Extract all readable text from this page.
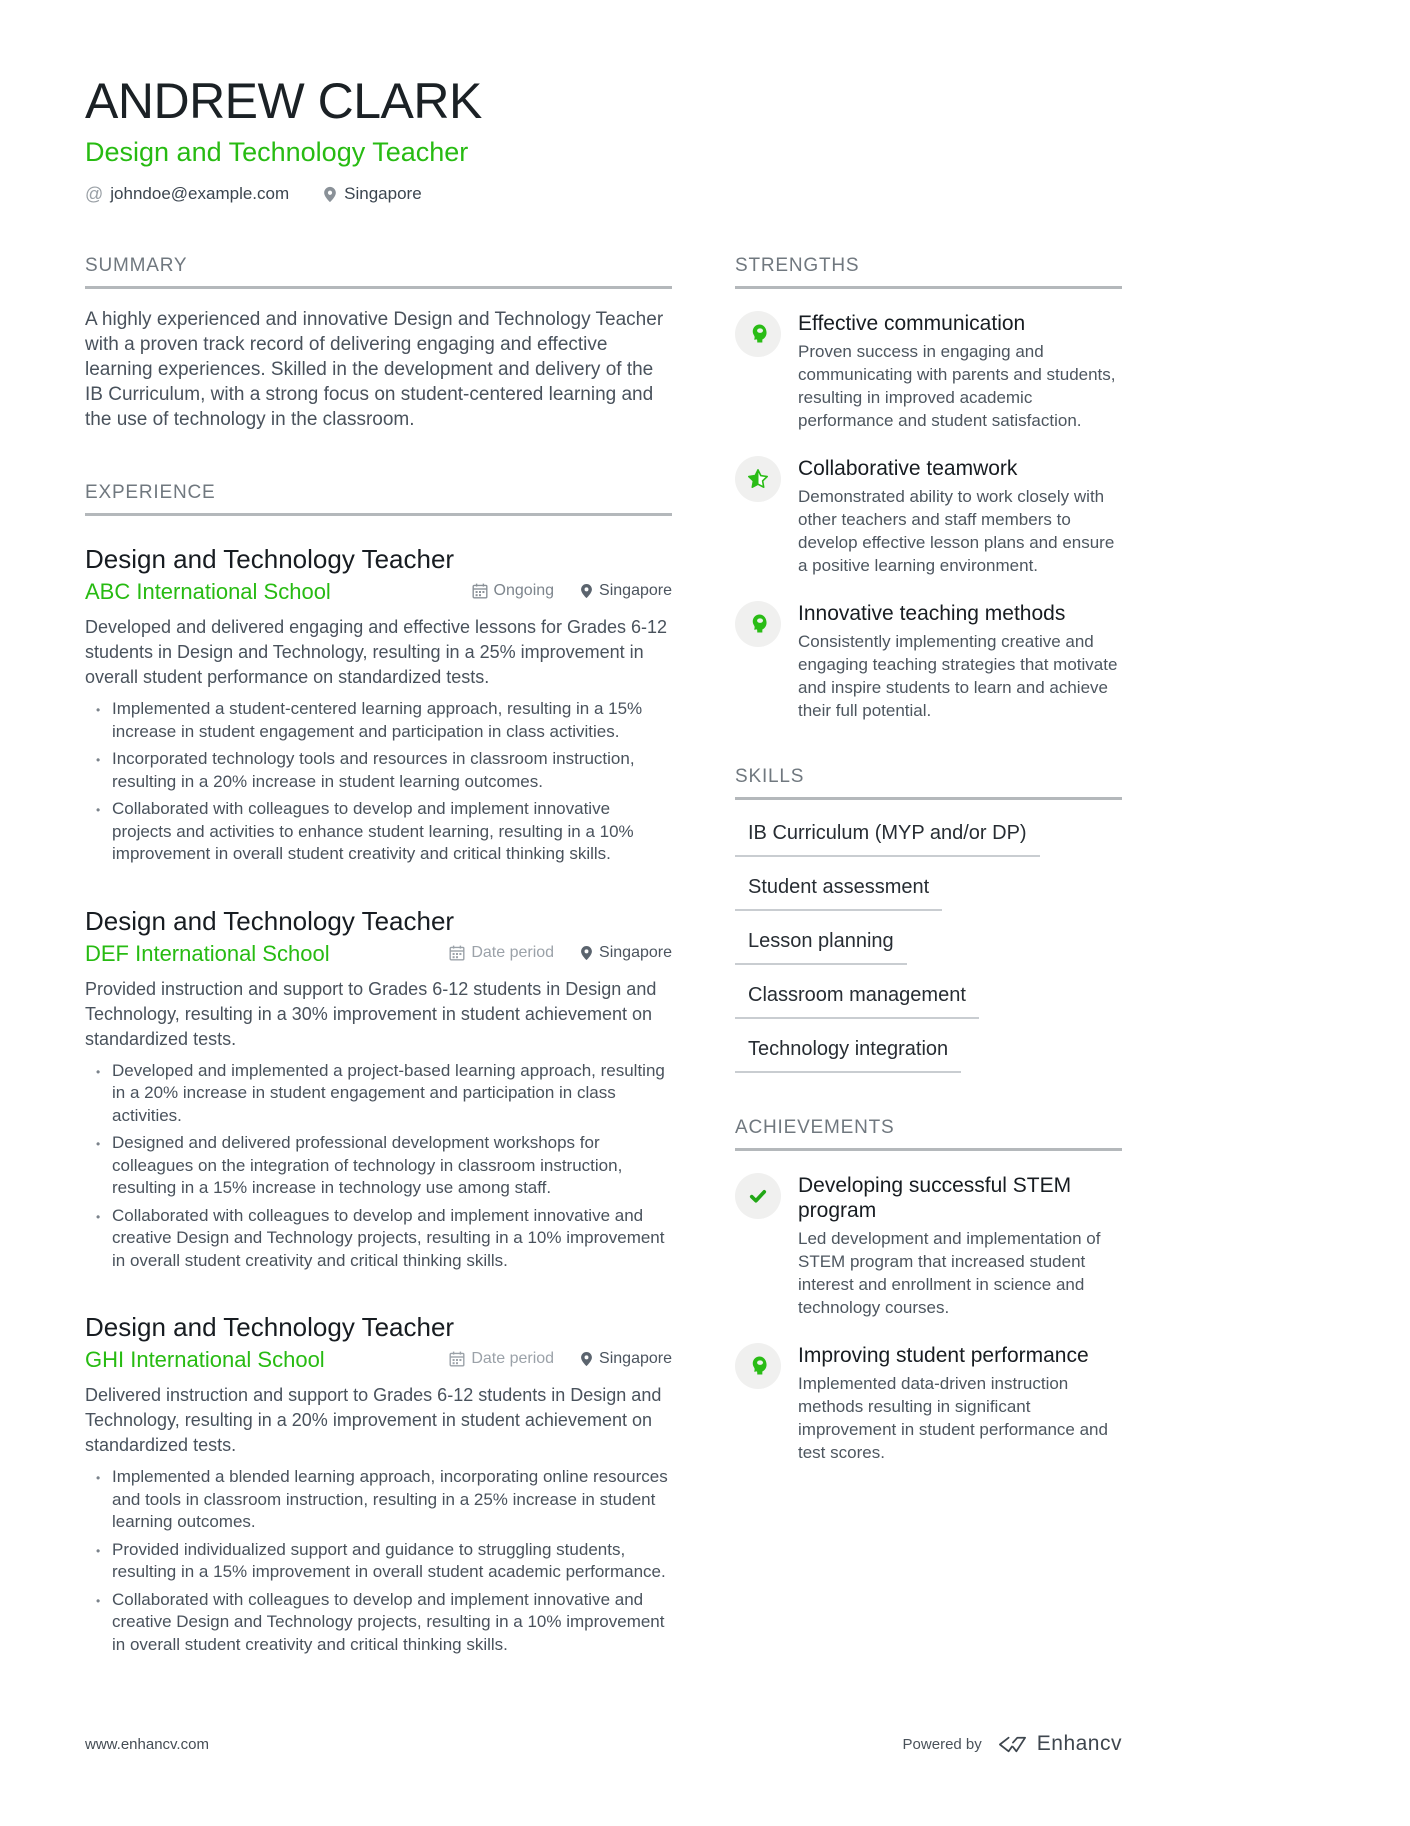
ANDREW CLARK
Design and Technology Teacher
@ johndoe@example.com	Singapore
SUMMARY

A highly experienced and innovative Design and Technology Teacher with a proven track record of delivering engaging and effective learning experiences. Skilled in the development and delivery of the IB Curriculum, with a strong focus on student-centered learning and the use of technology in the classroom.

EXPERIENCE
Design and Technology Teacher
ABC International School	Ongoing	Singapore

Developed and delivered engaging and effective lessons for Grades 6-12 students in Design and Technology, resulting in a 25% improvement in overall student performance on standardized tests.

• Implemented a student-centered learning approach, resulting in a 15% increase in student engagement and participation in class activities.
• Incorporated technology tools and resources in classroom instruction, resulting in a 20% increase in student learning outcomes.
• Collaborated with colleagues to develop and implement innovative projects and activities to enhance student learning, resulting in a 10% improvement in overall student creativity and critical thinking skills.
Design and Technology Teacher
DEF International School	Date period	Singapore

Provided instruction and support to Grades 6-12 students in Design and Technology, resulting in a 30% improvement in student achievement on standardized tests.

• Developed and implemented a project-based learning approach, resulting in a 20% increase in student engagement and participation in class activities.
• Designed and delivered professional development workshops for colleagues on the integration of technology in classroom instruction, resulting in a 15% increase in technology use among staff.
• Collaborated with colleagues to develop and implement innovative and creative Design and Technology projects, resulting in a 10% improvement in overall student creativity and critical thinking skills.
Design and Technology Teacher
GHI International School	Date period	Singapore

Delivered instruction and support to Grades 6-12 students in Design and Technology, resulting in a 20% improvement in student achievement on standardized tests.

• Implemented a blended learning approach, incorporating online resources and tools in classroom instruction, resulting in a 25% increase in student learning outcomes.
• Provided individualized support and guidance to struggling students, resulting in a 15% improvement in overall student academic performance.
• Collaborated with colleagues to develop and implement innovative and creative Design and Technology projects, resulting in a 10% improvement in overall student creativity and critical thinking skills.
STRENGTHS
Effective communication

Proven success in engaging and communicating with parents and students, resulting in improved academic performance and student satisfaction.

Collaborative teamwork

Demonstrated ability to work closely with other teachers and staff members to develop effective lesson plans and ensure a positive learning environment.

Innovative teaching methods

Consistently implementing creative and engaging teaching strategies that motivate and inspire students to learn and achieve their full potential.

SKILLS
IB Curriculum (MYP and/or DP)
Student assessment
Lesson planning
Classroom management
Technology integration
ACHIEVEMENTS
Developing successful STEM program

Led development and implementation of STEM program that increased student interest and enrollment in science and technology courses.

Improving student performance

Implemented data-driven instruction methods resulting in significant improvement in student performance and test scores.

www.enhancv.com	Powered by	Enhancv
